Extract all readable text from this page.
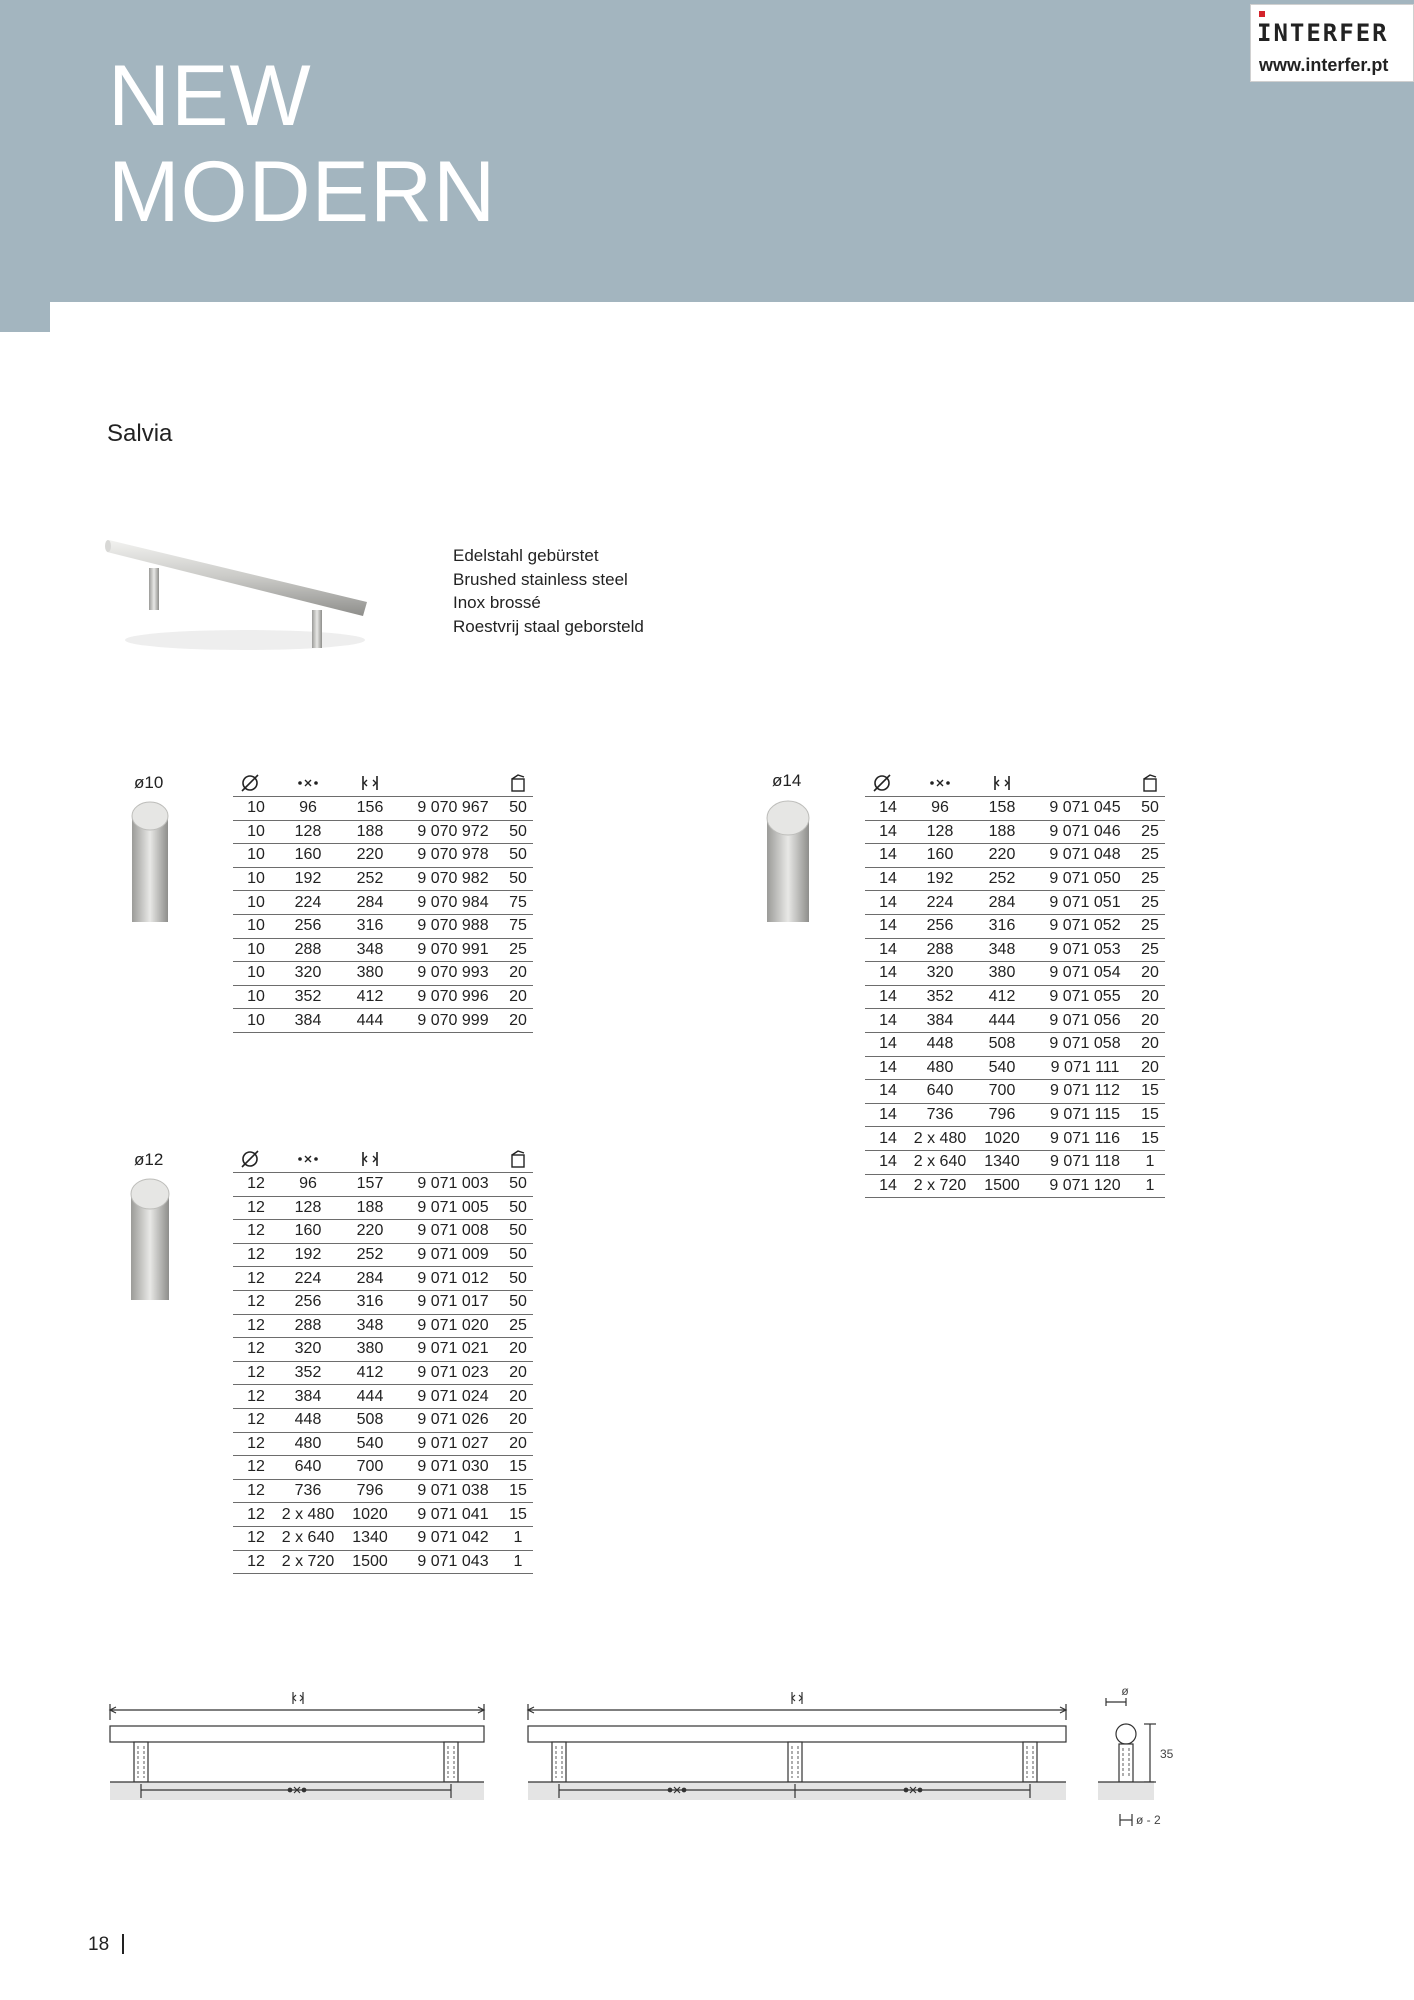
NEW
MODERN
INTERFER
www.interfer.pt
Salvia
Edelstahl gebürstet
Brushed stainless steel
Inox brossé
Roestvrij staal geborsteld
ø10
ø12
ø14

10	96	156	9 070 967	50
10	128	188	9 070 972	50
10	160	220	9 070 978	50
10	192	252	9 070 982	50
10	224	284	9 070 984	75
10	256	316	9 070 988	75
10	288	348	9 070 991	25
10	320	380	9 070 993	20
10	352	412	9 070 996	20
10	384	444	9 070 999	20

12	96	157	9 071 003	50
12	128	188	9 071 005	50
12	160	220	9 071 008	50
12	192	252	9 071 009	50
12	224	284	9 071 012	50
12	256	316	9 071 017	50
12	288	348	9 071 020	25
12	320	380	9 071 021	20
12	352	412	9 071 023	20
12	384	444	9 071 024	20
12	448	508	9 071 026	20
12	480	540	9 071 027	20
12	640	700	9 071 030	15
12	736	796	9 071 038	15
12	2 x 480	1020	9 071 041	15
12	2 x 640	1340	9 071 042	1
12	2 x 720	1500	9 071 043	1

14	96	158	9 071 045	50
14	128	188	9 071 046	25
14	160	220	9 071 048	25
14	192	252	9 071 050	25
14	224	284	9 071 051	25
14	256	316	9 071 052	25
14	288	348	9 071 053	25
14	320	380	9 071 054	20
14	352	412	9 071 055	20
14	384	444	9 071 056	20
14	448	508	9 071 058	20
14	480	540	9 071 111	20
14	640	700	9 071 112	15
14	736	796	9 071 115	15
14	2 x 480	1020	9 071 116	15
14	2 x 640	1340	9 071 118	1
14	2 x 720	1500	9 071 120	1
ø
35
ø - 2
18
